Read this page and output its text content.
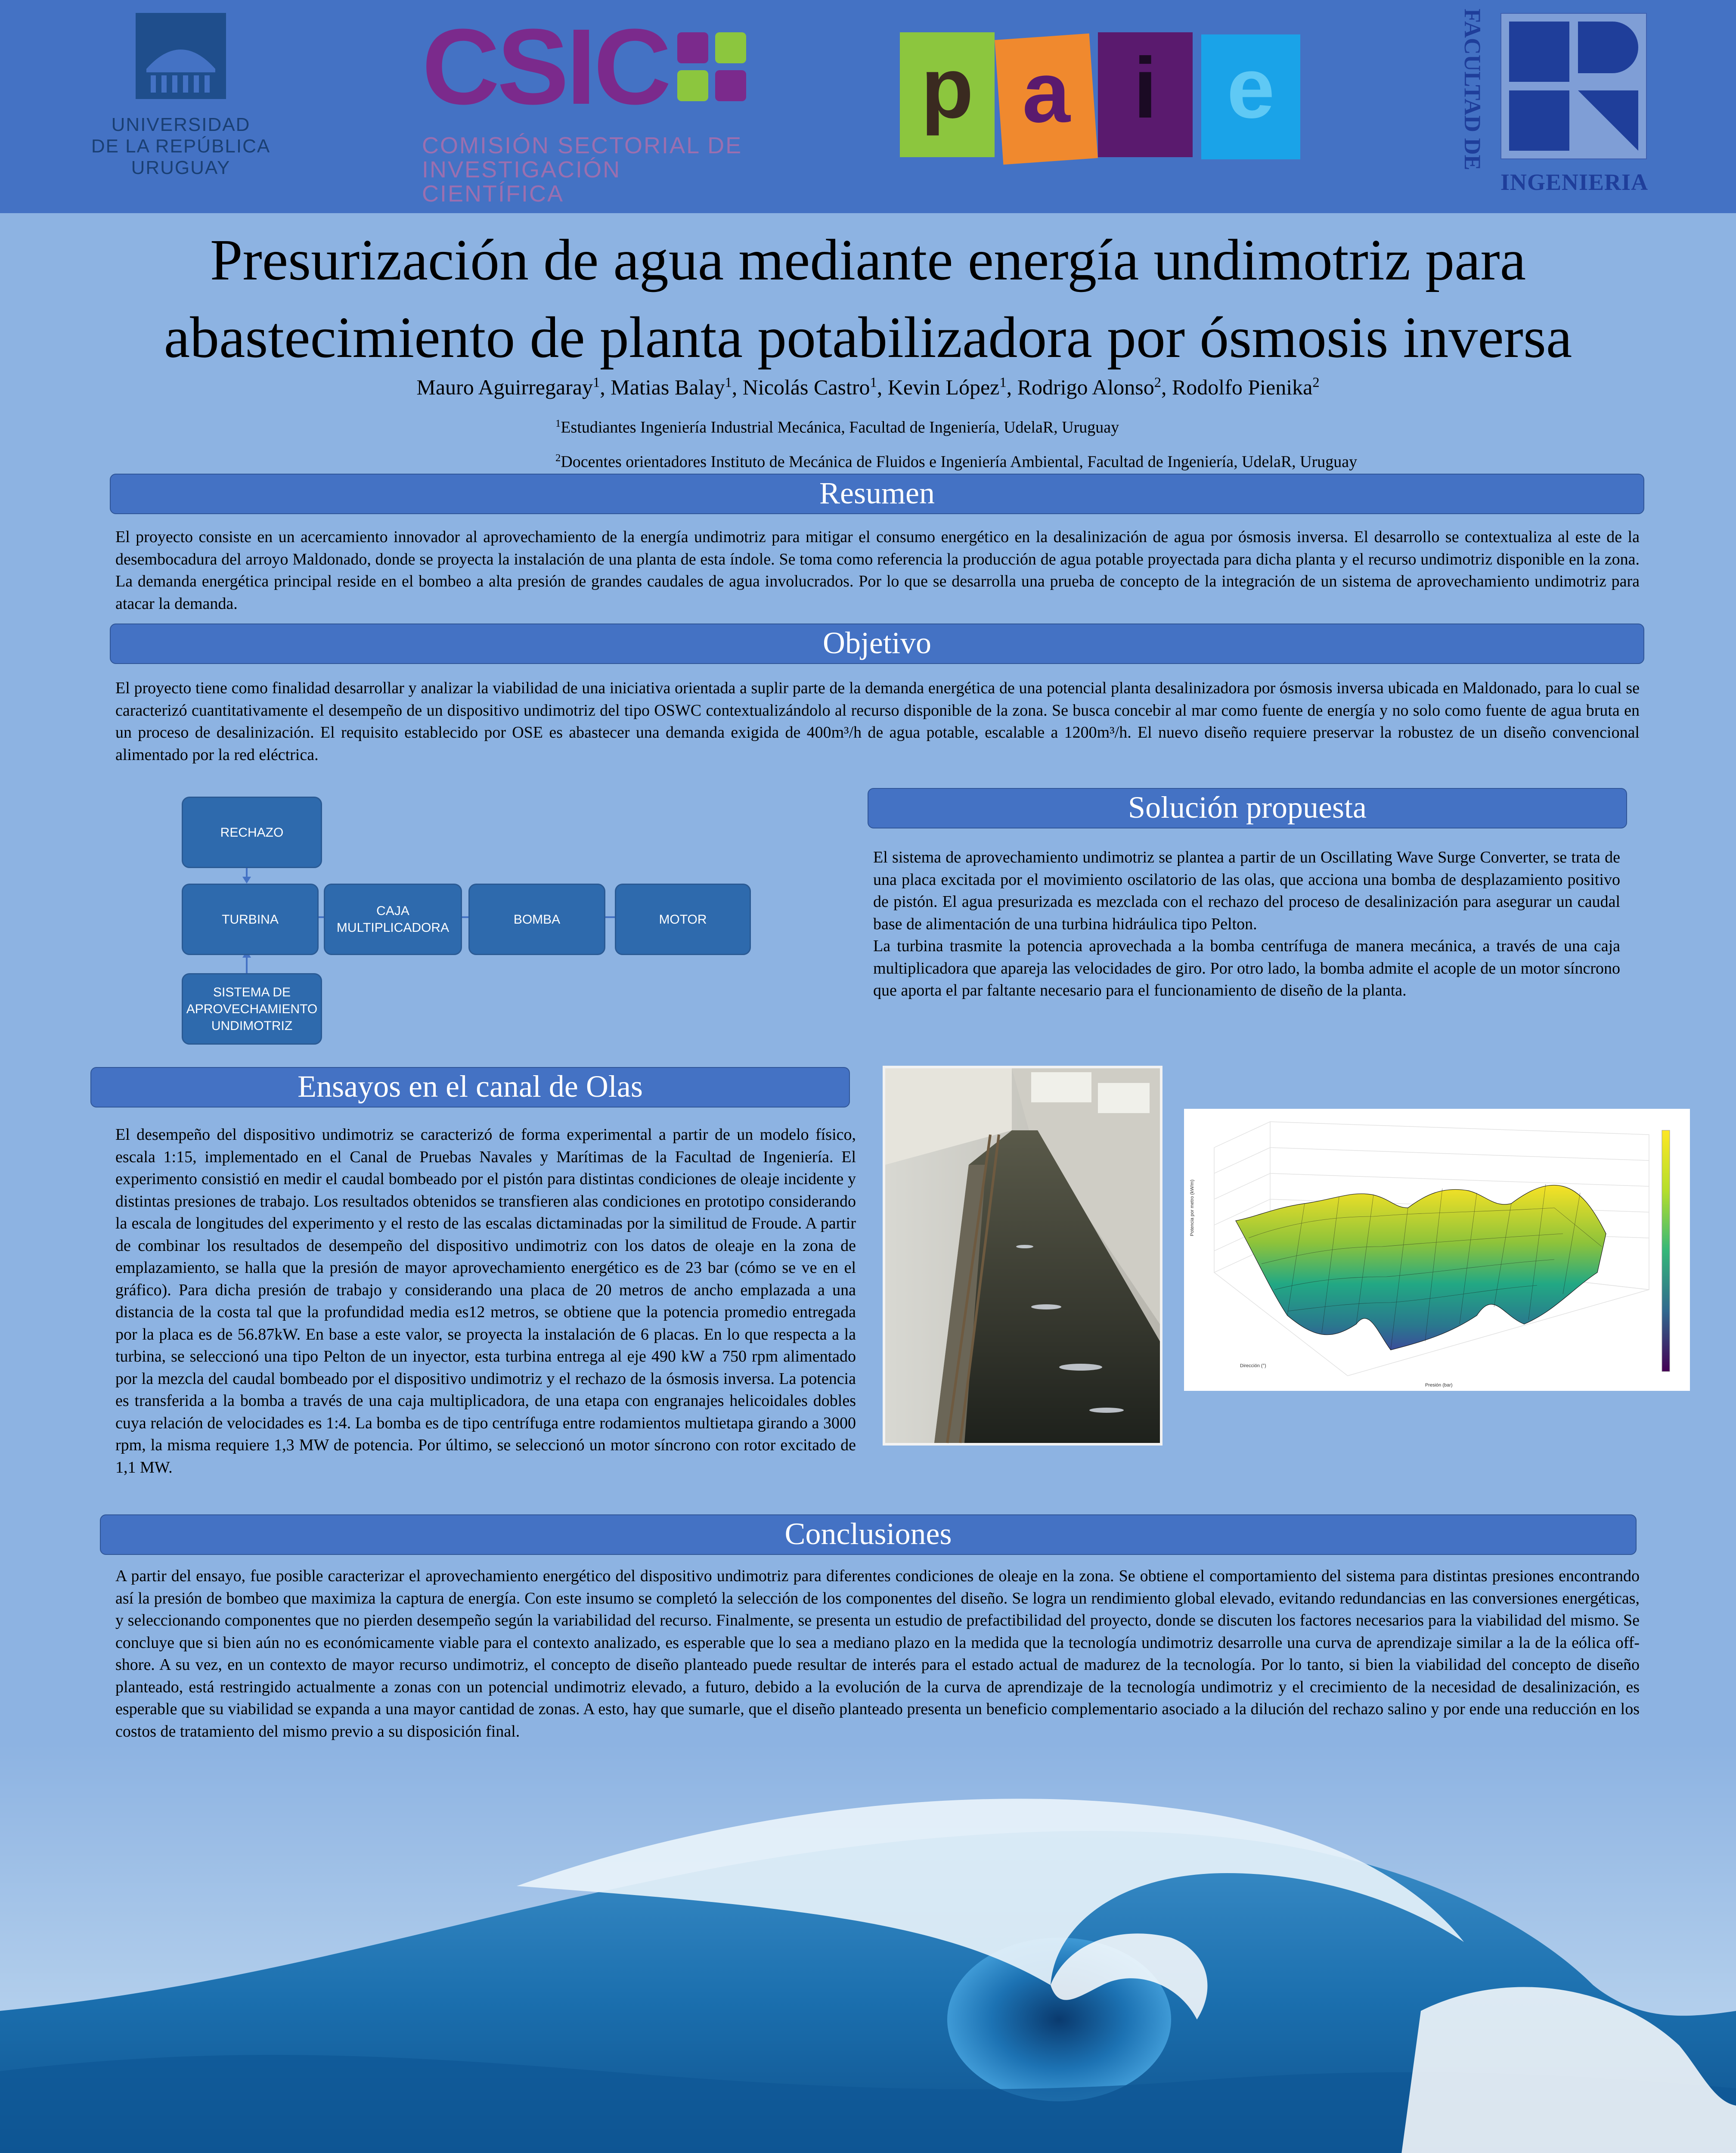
UNIVERSIDAD
DE LA REPÚBLICA
URUGUAY
CSIC
COMISIÓN SECTORIAL DE
INVESTIGACIÓN CIENTÍFICA
p a i e	FACULTAD DE
INGENIERIA
Presurización de agua mediante energía undimotriz para
abastecimiento de planta potabilizadora por ósmosis inversa
Mauro Aguirregaray$^1$, Matias Balay$^1$, Nicolás Castro$^1$, Kevin López$^1$, Rodrigo Alonso$^2$, Rodolfo Pienika$^2$
$^1$Estudiantes Ingeniería Industrial Mecánica, Facultad de Ingeniería, UdelaR, Uruguay
$^2$Docentes orientadores Instituto de Mecánica de Fluidos e Ingeniería Ambiental, Facultad de Ingeniería, UdelaR, Uruguay
Resumen
El proyecto consiste en un acercamiento innovador al aprovechamiento de la energía undimotriz para mitigar el consumo energético en la desalinización de agua por ósmosis inversa. El desarrollo se contextualiza al este de la desembocadura del arroyo Maldonado, donde se proyecta la instalación de una planta de esta índole. Se toma como referencia la producción de agua potable proyectada para dicha planta y el recurso undimotriz disponible en la zona. La demanda energética principal reside en el bombeo a alta presión de grandes caudales de agua involucrados. Por lo que se desarrolla una prueba de concepto de la integración de un sistema de aprovechamiento undimotriz para atacar la demanda.
Objetivo
El proyecto tiene como finalidad desarrollar y analizar la viabilidad de una iniciativa orientada a suplir parte de la demanda energética de una potencial planta desalinizadora por ósmosis inversa ubicada en Maldonado, para lo cual se caracterizó cuantitativamente el desempeño de un dispositivo undimotriz del tipo OSWC contextualizándolo al recurso disponible de la zona. Se busca concebir al mar como fuente de energía y no solo como fuente de agua bruta en un proceso de desalinización. El requisito establecido por OSE es abastecer una demanda exigida de 400m³/h de agua potable, escalable a 1200m³/h. El nuevo diseño requiere preservar la robustez de un diseño convencional alimentado por la red eléctrica.
RECHAZO
TURBINA
CAJA MULTIPLICADORA
BOMBA	MOTOR
SISTEMA DE APROVECHAMIENTO UNDIMOTRIZ
Solución propuesta
El sistema de aprovechamiento undimotriz se plantea a partir de un Oscillating Wave Surge Converter, se trata de una placa excitada por el movimiento oscilatorio de las olas, que acciona una bomba de desplazamiento positivo de pistón. El agua presurizada es mezclada con el rechazo del proceso de desalinización para asegurar un caudal base de alimentación de una turbina hidráulica tipo Pelton.
La turbina trasmite la potencia aprovechada a la bomba centrífuga de manera mecánica, a través de una caja multiplicadora que apareja las velocidades de giro. Por otro lado, la bomba admite el acople de un motor síncrono que aporta el par faltante necesario para el funcionamiento de diseño de la planta.
Ensayos en el canal de Olas
El desempeño del dispositivo undimotriz se caracterizó de forma experimental a partir de un modelo físico, escala 1:15, implementado en el Canal de Pruebas Navales y Marítimas de la Facultad de Ingeniería. El experimento consistió en medir el caudal bombeado por el pistón para distintas condiciones de oleaje incidente y distintas presiones de trabajo. Los resultados obtenidos se transfieren alas condiciones en prototipo considerando la escala de longitudes del experimento y el resto de las escalas dictaminadas por la similitud de Froude. A partir de combinar los resultados de desempeño del dispositivo undimotriz con los datos de oleaje en la zona de emplazamiento, se halla que la presión de mayor aprovechamiento energético es de 23 bar (cómo se ve en el gráfico). Para dicha presión de trabajo y considerando una placa de 20 metros de ancho emplazada a una distancia de la costa tal que la profundidad media es12 metros, se obtiene que la potencia promedio entregada por la placa es de 56.87kW. En base a este valor, se proyecta la instalación de 6 placas. En lo que respecta a la turbina, se seleccionó una tipo Pelton de un inyector, esta turbina entrega al eje 490 kW a 750 rpm alimentado por la mezcla del caudal bombeado por el dispositivo undimotriz y el rechazo de la ósmosis inversa. La potencia es transferida a la bomba a través de una caja multiplicadora, de una etapa con engranajes helicoidales dobles cuya relación de velocidades es 1:4. La bomba es de tipo centrífuga entre rodamientos multietapa girando a 3000 rpm, la misma requiere 1,3 MW de potencia. Por último, se seleccionó un motor síncrono con rotor excitado de 1,1 MW.
Potencia por metro (kW/m)
Dirección (°)
Presión (bar)
Conclusiones
A partir del ensayo, fue posible caracterizar el aprovechamiento energético del dispositivo undimotriz para diferentes condiciones de oleaje en la zona. Se obtiene el comportamiento del sistema para distintas presiones encontrando así la presión de bombeo que maximiza la captura de energía. Con este insumo se completó la selección de los componentes del diseño. Se logra un rendimiento global elevado, evitando redundancias en las conversiones energéticas, y seleccionando componentes que no pierden desempeño según la variabilidad del recurso. Finalmente, se presenta un estudio de prefactibilidad del proyecto, donde se discuten los factores necesarios para la viabilidad del mismo. Se concluye que si bien aún no es económicamente viable para el contexto analizado, es esperable que lo sea a mediano plazo en la medida que la tecnología undimotriz desarrolle una curva de aprendizaje similar a la de la eólica off-shore. A su vez, en un contexto de mayor recurso undimotriz, el concepto de diseño planteado puede resultar de interés para el estado actual de madurez de la tecnología. Por lo tanto, si bien la viabilidad del concepto de diseño planteado, está restringido actualmente a zonas con un potencial undimotriz elevado, a futuro, debido a la evolución de la curva de aprendizaje de la tecnología undimotriz y el crecimiento de la necesidad de desalinización, es esperable que su viabilidad se expanda a una mayor cantidad de zonas. A esto, hay que sumarle, que el diseño planteado presenta un beneficio complementario asociado a la dilución del rechazo salino y por ende una reducción en los costos de tratamiento del mismo previo a su disposición final.
